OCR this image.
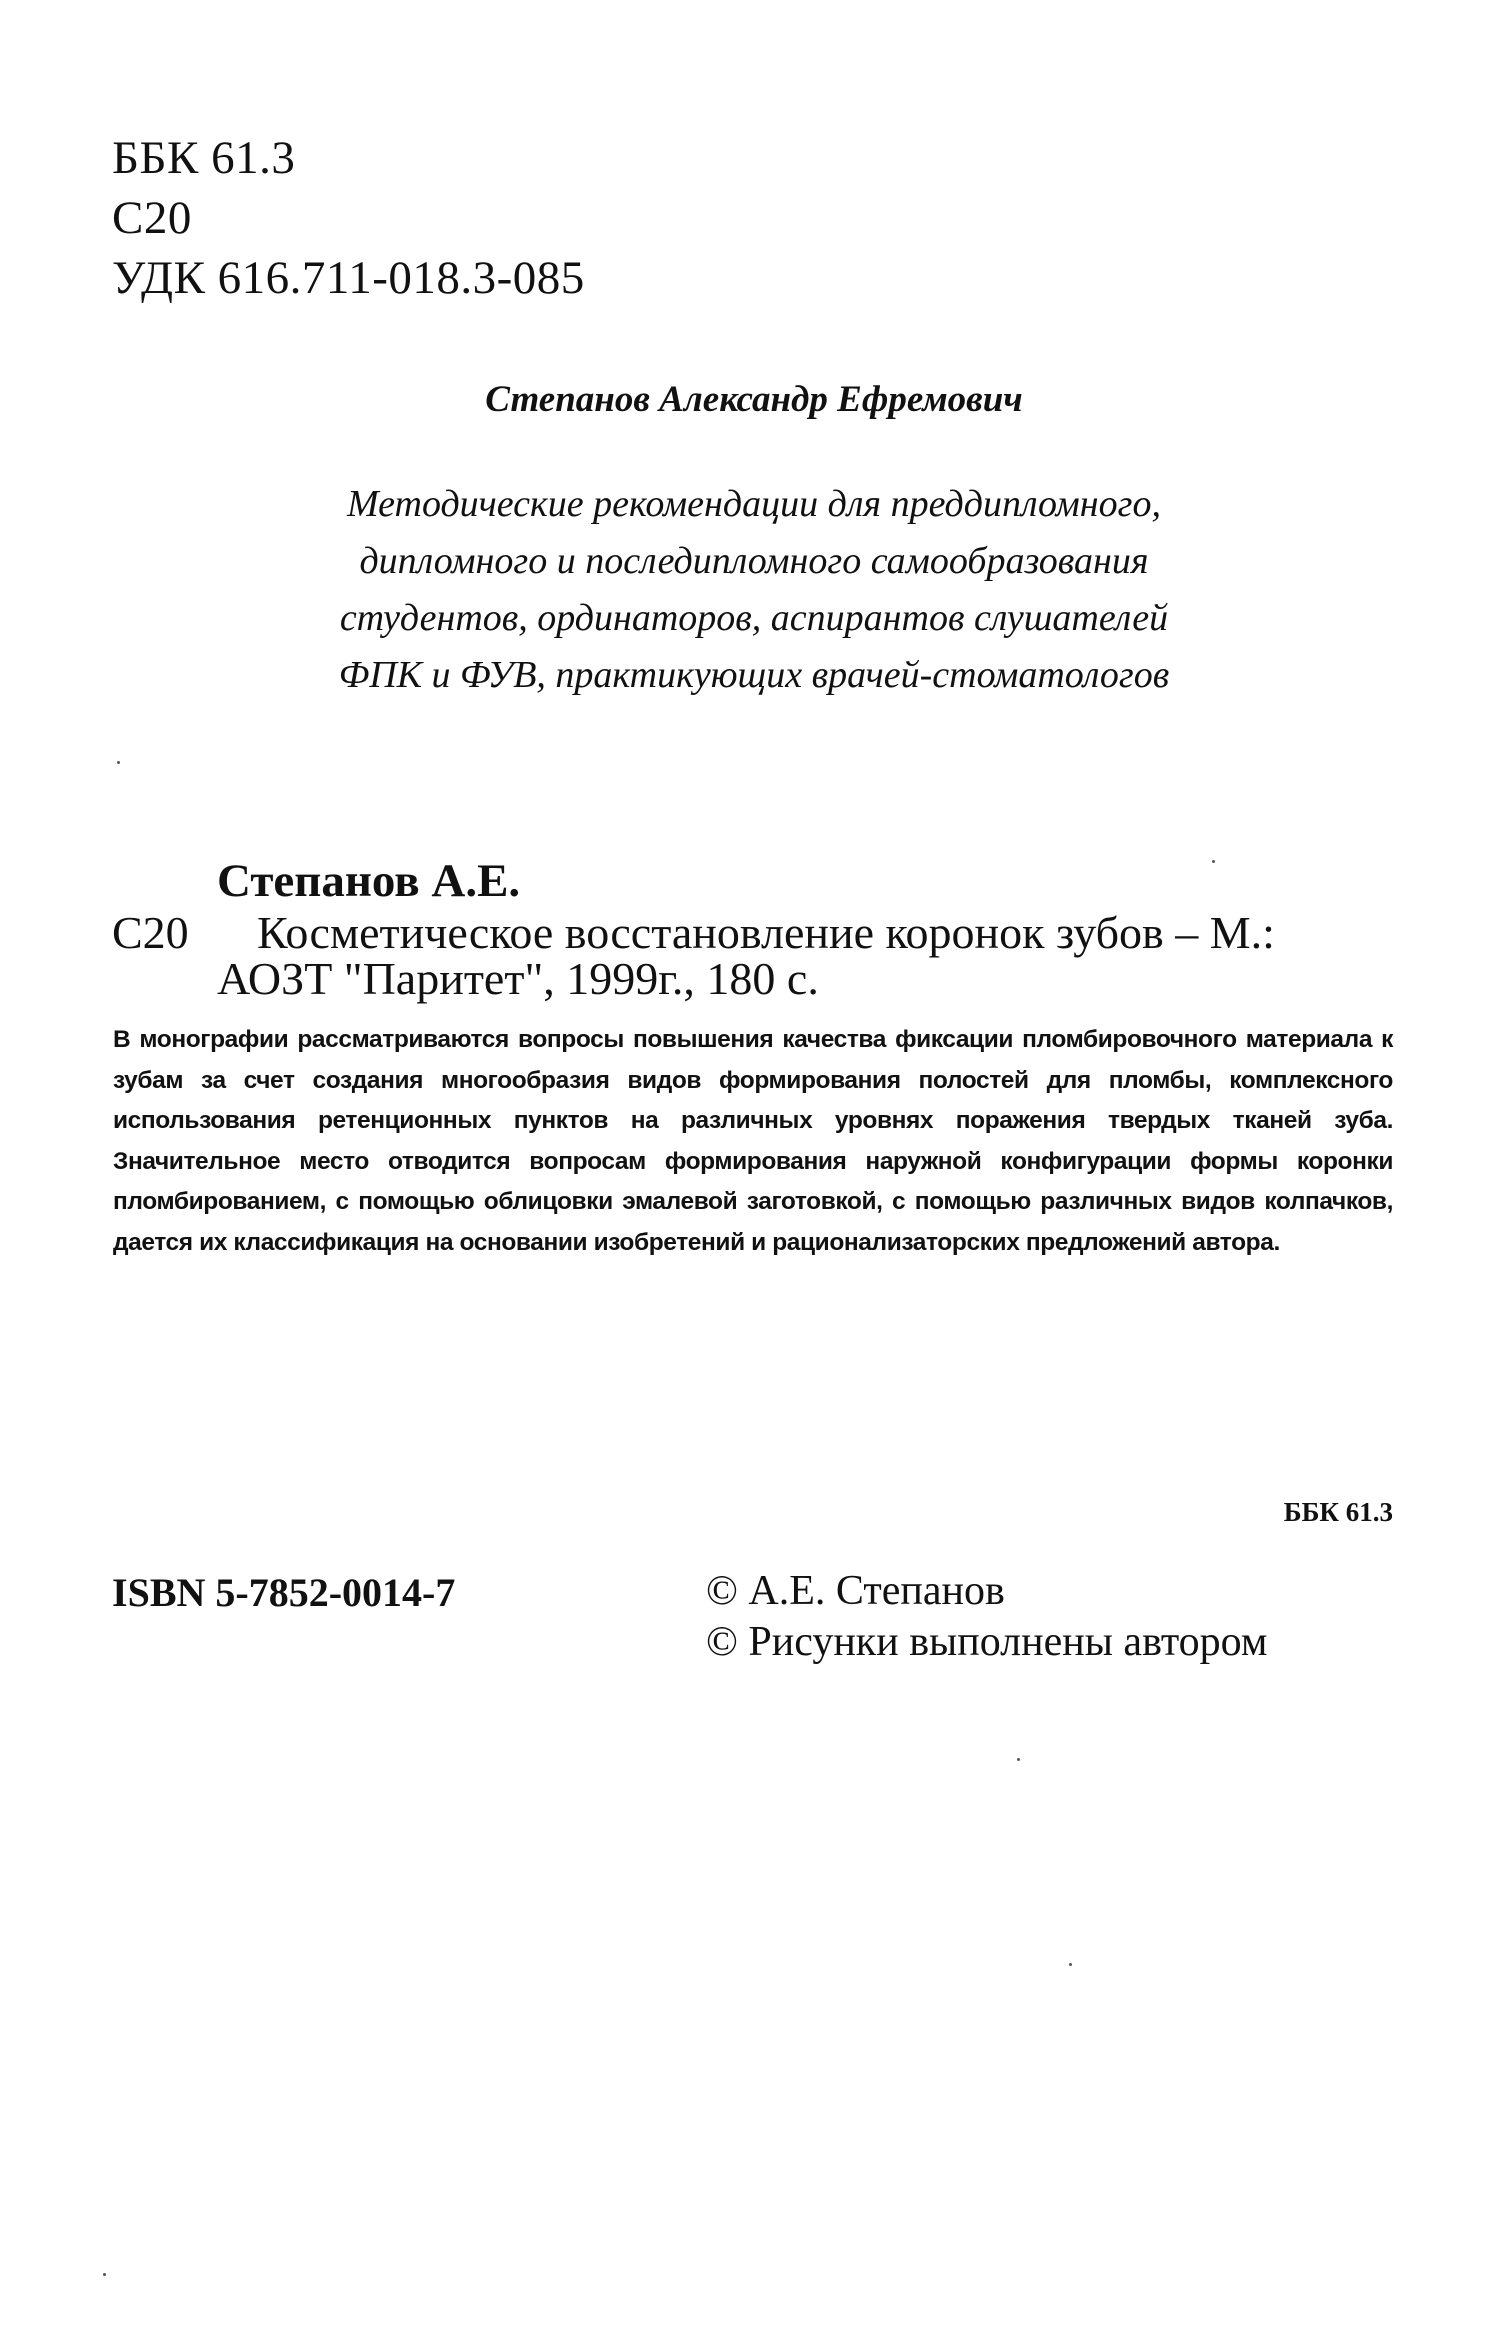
ББК 61.3
С20
УДК 616.711-018.3-085
Степанов Александр Ефремович
Методические рекомендации для преддипломного,
дипломного и последипломного самообразования
студентов, ординаторов, аспирантов слушателей
ФПК и ФУВ, практикующих врачей-стоматологов
Степанов А.Е.
С20 Косметическое восстановление коронок зубов – М.:
АОЗТ "Паритет", 1999г., 180 с.
В монографии рассматриваются вопросы повышения качества фиксации пломбировочного материала к зубам за счет создания многообразия видов формирования полостей для пломбы, комплексного использования ретенционных пунктов на различных уровнях поражения твердых тканей зуба. Значительное место отводится вопросам формирования наружной конфигурации формы коронки пломбированием, с помощью облицовки эмалевой заготовкой, с помощью различных видов колпачков, дается их классификация на основании изобретений и рационализаторских предложений автора.
ББК 61.3
ISBN 5-7852-0014-7	© А.Е. Степанов
© Рисунки выполнены автором
